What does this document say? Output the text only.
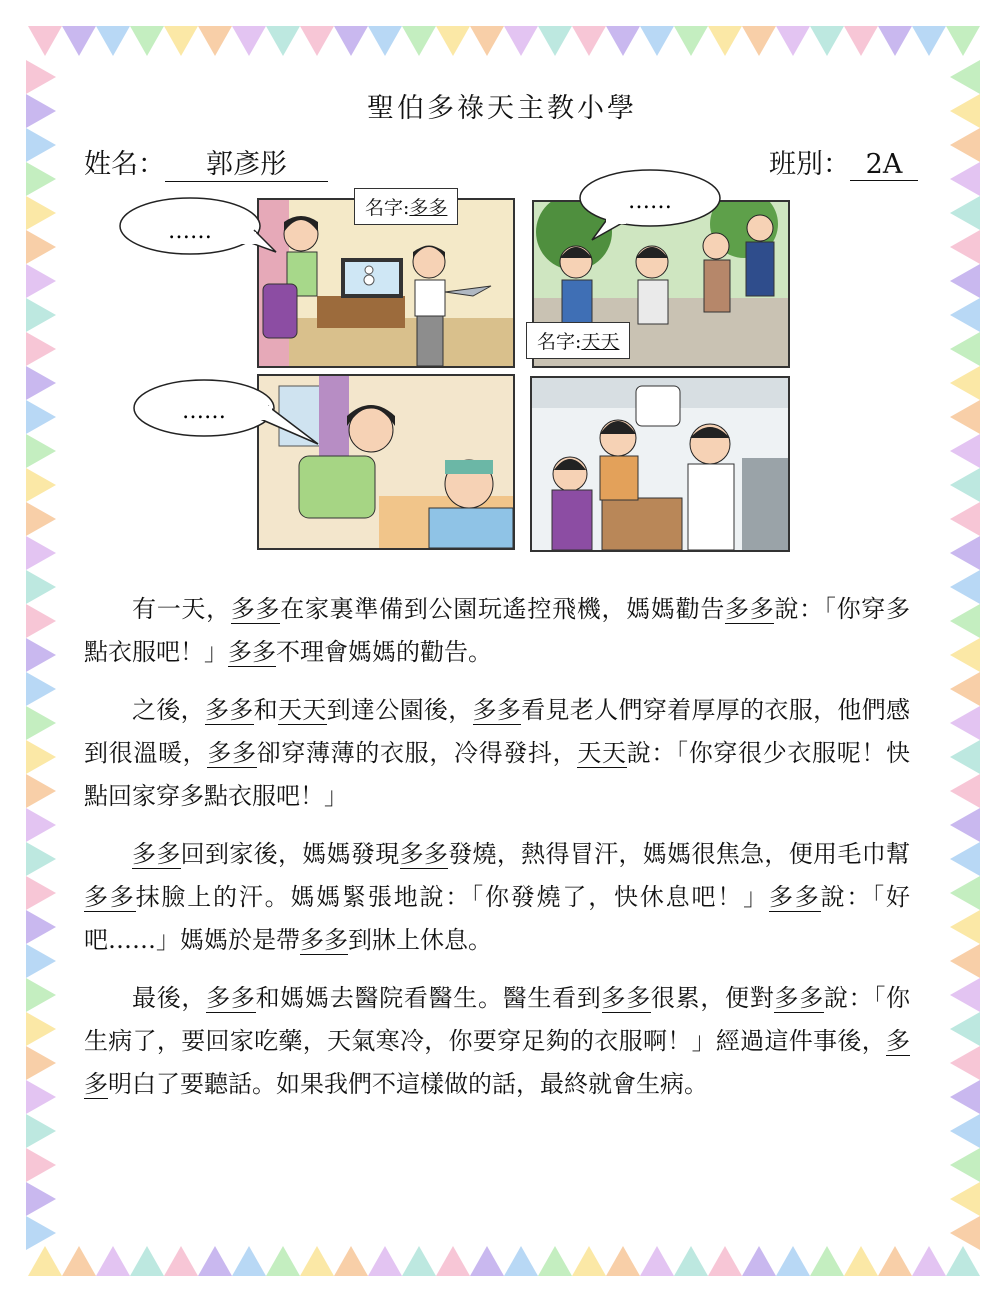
聖伯多祿天主教小學
姓名： 郭彥彤	班別： 2A
……
名字:多多	……
名字:天天
……

有一天，多多在家裏準備到公園玩遙控飛機，媽媽勸告多多說：「你穿多點衣服吧！」多多不理會媽媽的勸告。

之後，多多和天天到達公園後，多多看見老人們穿着厚厚的衣服，他們感到很溫暖，多多卻穿薄薄的衣服，冷得發抖，天天說：「你穿很少衣服呢！快點回家穿多點衣服吧！」

多多回到家後，媽媽發現多多發燒，熱得冒汗，媽媽很焦急，便用毛巾幫多多抹臉上的汗。媽媽緊張地說：「你發燒了，快休息吧！」多多說：「好吧……」媽媽於是帶多多到牀上休息。

最後，多多和媽媽去醫院看醫生。醫生看到多多很累，便對多多說：「你生病了，要回家吃藥，天氣寒冷，你要穿足夠的衣服啊！」經過這件事後，多多明白了要聽話。如果我們不這樣做的話，最終就會生病。
